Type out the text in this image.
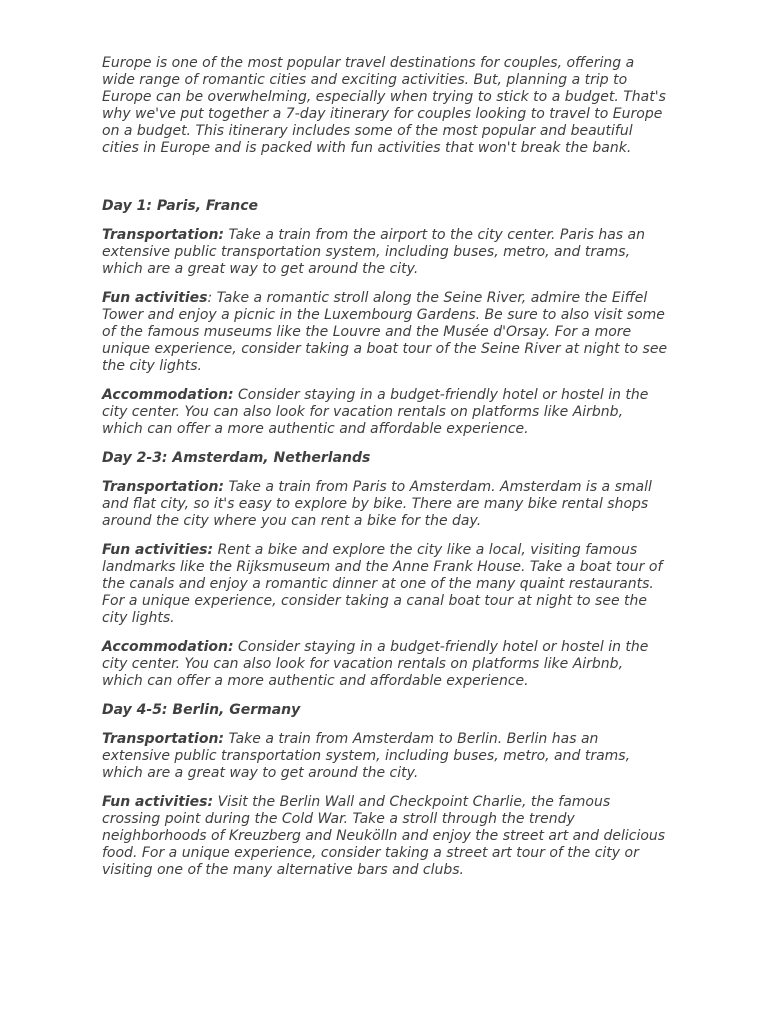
Europe is one of the most popular travel destinations for couples, offering a wide range of romantic cities and exciting activities. But, planning a trip to Europe can be overwhelming, especially when trying to stick to a budget. That's why we've put together a 7-day itinerary for couples looking to travel to Europe on a budget. This itinerary includes some of the most popular and beautiful cities in Europe and is packed with fun activities that won't break the bank.

Day 1: Paris, France

Transportation: Take a train from the airport to the city center. Paris has an extensive public transportation system, including buses, metro, and trams, which are a great way to get around the city.

Fun activities: Take a romantic stroll along the Seine River, admire the Eiffel Tower and enjoy a picnic in the Luxembourg Gardens. Be sure to also visit some of the famous museums like the Louvre and the Musée d'Orsay. For a more unique experience, consider taking a boat tour of the Seine River at night to see the city lights.

Accommodation: Consider staying in a budget-friendly hotel or hostel in the city center. You can also look for vacation rentals on platforms like Airbnb, which can offer a more authentic and affordable experience.

Day 2-3: Amsterdam, Netherlands

Transportation: Take a train from Paris to Amsterdam. Amsterdam is a small and flat city, so it's easy to explore by bike. There are many bike rental shops around the city where you can rent a bike for the day.

Fun activities: Rent a bike and explore the city like a local, visiting famous landmarks like the Rijksmuseum and the Anne Frank House. Take a boat tour of the canals and enjoy a romantic dinner at one of the many quaint restaurants. For a unique experience, consider taking a canal boat tour at night to see the city lights.

Accommodation: Consider staying in a budget-friendly hotel or hostel in the city center. You can also look for vacation rentals on platforms like Airbnb, which can offer a more authentic and affordable experience.

Day 4-5: Berlin, Germany

Transportation: Take a train from Amsterdam to Berlin. Berlin has an extensive public transportation system, including buses, metro, and trams, which are a great way to get around the city.

Fun activities: Visit the Berlin Wall and Checkpoint Charlie, the famous crossing point during the Cold War. Take a stroll through the trendy neighborhoods of Kreuzberg and Neukölln and enjoy the street art and delicious food. For a unique experience, consider taking a street art tour of the city or visiting one of the many alternative bars and clubs.
